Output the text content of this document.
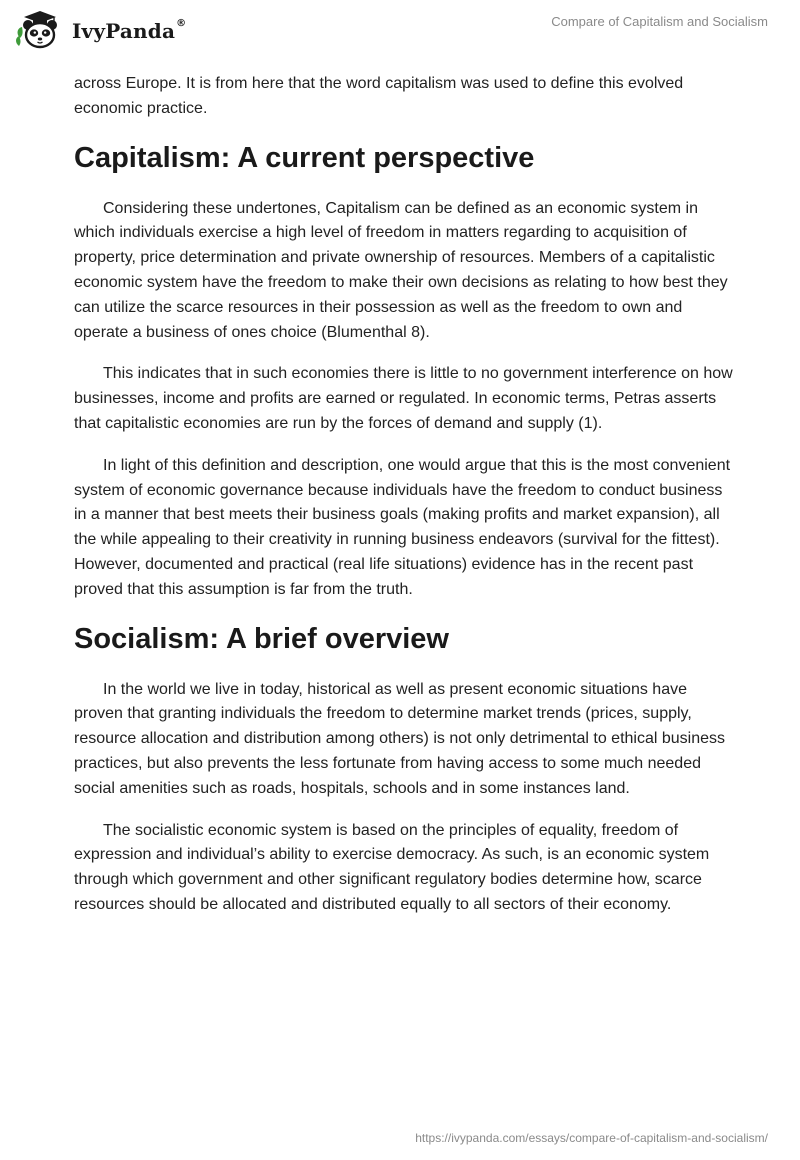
IvyPanda®	Compare of Capitalism and Socialism

across Europe. It is from here that the word capitalism was used to define this evolved economic practice.

Capitalism: A current perspective

Considering these undertones, Capitalism can be defined as an economic system in which individuals exercise a high level of freedom in matters regarding to acquisition of property, price determination and private ownership of resources. Members of a capitalistic economic system have the freedom to make their own decisions as relating to how best they can utilize the scarce resources in their possession as well as the freedom to own and operate a business of ones choice (Blumenthal 8).

This indicates that in such economies there is little to no government interference on how businesses, income and profits are earned or regulated. In economic terms, Petras asserts that capitalistic economies are run by the forces of demand and supply (1).

In light of this definition and description, one would argue that this is the most convenient system of economic governance because individuals have the freedom to conduct business in a manner that best meets their business goals (making profits and market expansion), all the while appealing to their creativity in running business endeavors (survival for the fittest). However, documented and practical (real life situations) evidence has in the recent past proved that this assumption is far from the truth.

Socialism: A brief overview

In the world we live in today, historical as well as present economic situations have proven that granting individuals the freedom to determine market trends (prices, supply, resource allocation and distribution among others) is not only detrimental to ethical business practices, but also prevents the less fortunate from having access to some much needed social amenities such as roads, hospitals, schools and in some instances land.

The socialistic economic system is based on the principles of equality, freedom of expression and individual’s ability to exercise democracy. As such, is an economic system through which government and other significant regulatory bodies determine how, scarce resources should be allocated and distributed equally to all sectors of their economy.

https://ivypanda.com/essays/compare-of-capitalism-and-socialism/
